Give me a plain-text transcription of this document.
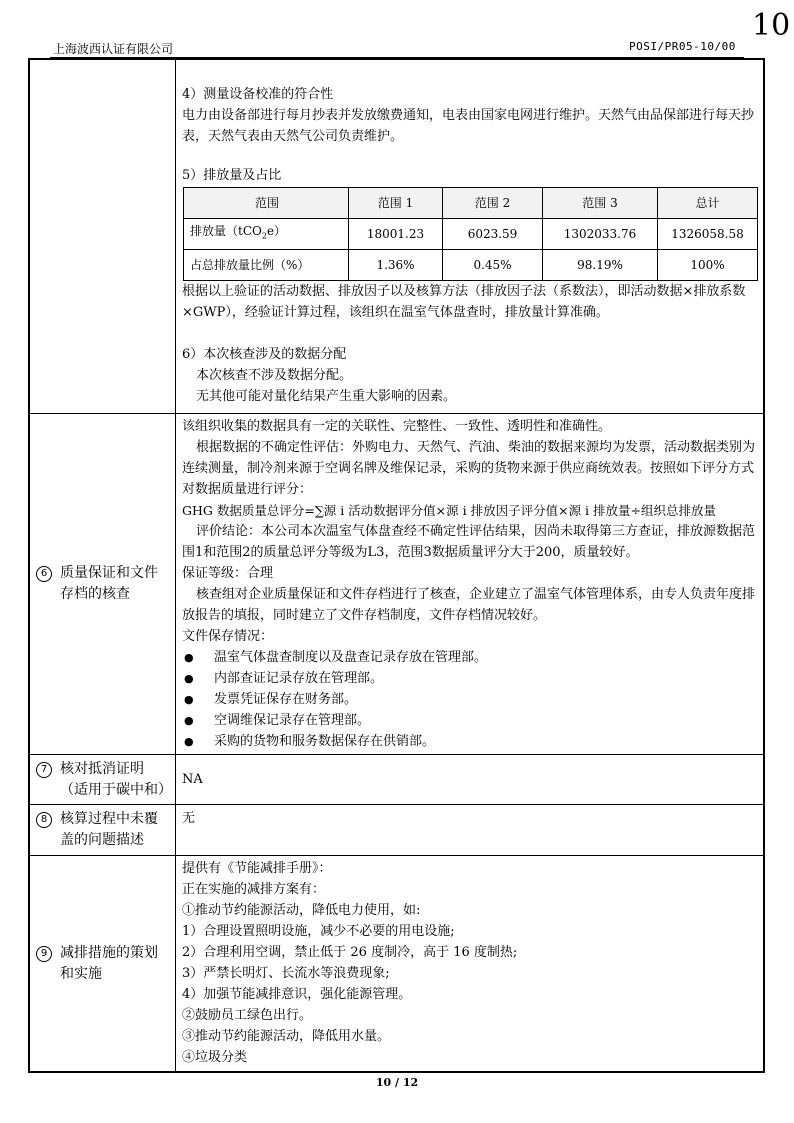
上海波西认证有限公司	POSI/PR05-10/00
10

4）测量设备校准的符合性

电力由设备部进行每月抄表并发放缴费通知，电表由国家电网进行维护。天然气由品保部进行每天抄表，天然气表由天然气公司负责维护。

5）排放量及占比

范围	范围 1	范围 2	范围 3	总计
排放量（tCO$_2$e）	18001.23	6023.59	1302033.76	1326058.58
占总排放量比例（%）	1.36%	0.45%	98.19%	100%

根据以上验证的活动数据、排放因子以及核算方法（排放因子法（系数法），即活动数据×排放系数×GWP），经验证计算过程，该组织在温室气体盘查时，排放量计算准确。

6）本次核查涉及的数据分配

本次核查不涉及数据分配。

无其他可能对量化结果产生重大影响的因素。

6 质量保证和文件存档的核查

该组织收集的数据具有一定的关联性、完整性、一致性、透明性和准确性。

根据数据的不确定性评估：外购电力、天然气、汽油、柴油的数据来源均为发票，活动数据类别为连续测量，制冷剂来源于空调名牌及维保记录，采购的货物来源于供应商统效表。按照如下评分方式对数据质量进行评分：

GHG 数据质量总评分=∑源 i 活动数据评分值×源 i 排放因子评分值×源 i 排放量÷组织总排放量

评价结论：本公司本次温室气体盘查经不确定性评估结果，因尚未取得第三方查证，排放源数据范围1和范围2的质量总评分等级为L3，范围3数据质量评分大于200，质量较好。

保证等级：合理

核查组对企业质量保证和文件存档进行了核查，企业建立了温室气体管理体系，由专人负责年度排放报告的填报，同时建立了文件存档制度，文件存档情况较好。

文件保存情况：

●	温室气体盘查制度以及盘查记录存放在管理部。
●	内部查证记录存放在管理部。
●	发票凭证保存在财务部。
●	空调维保记录存在管理部。
●	采购的货物和服务数据保存在供销部。

7 核对抵消证明（适用于碳中和）

NA

8 核算过程中未覆盖的问题描述

无

9 减排措施的策划和实施

提供有《节能减排手册》：

正在实施的减排方案有：

①推动节约能源活动，降低电力使用，如:

1）合理设置照明设施，减少不必要的用电设施;

2）合理利用空调，禁止低于 26 度制冷，高于 16 度制热;

3）严禁长明灯、长流水等浪费现象;

4）加强节能减排意识，强化能源管理。

②鼓励员工绿色出行。

③推动节约能源活动，降低用水量。

④垃圾分类

10 / 12
